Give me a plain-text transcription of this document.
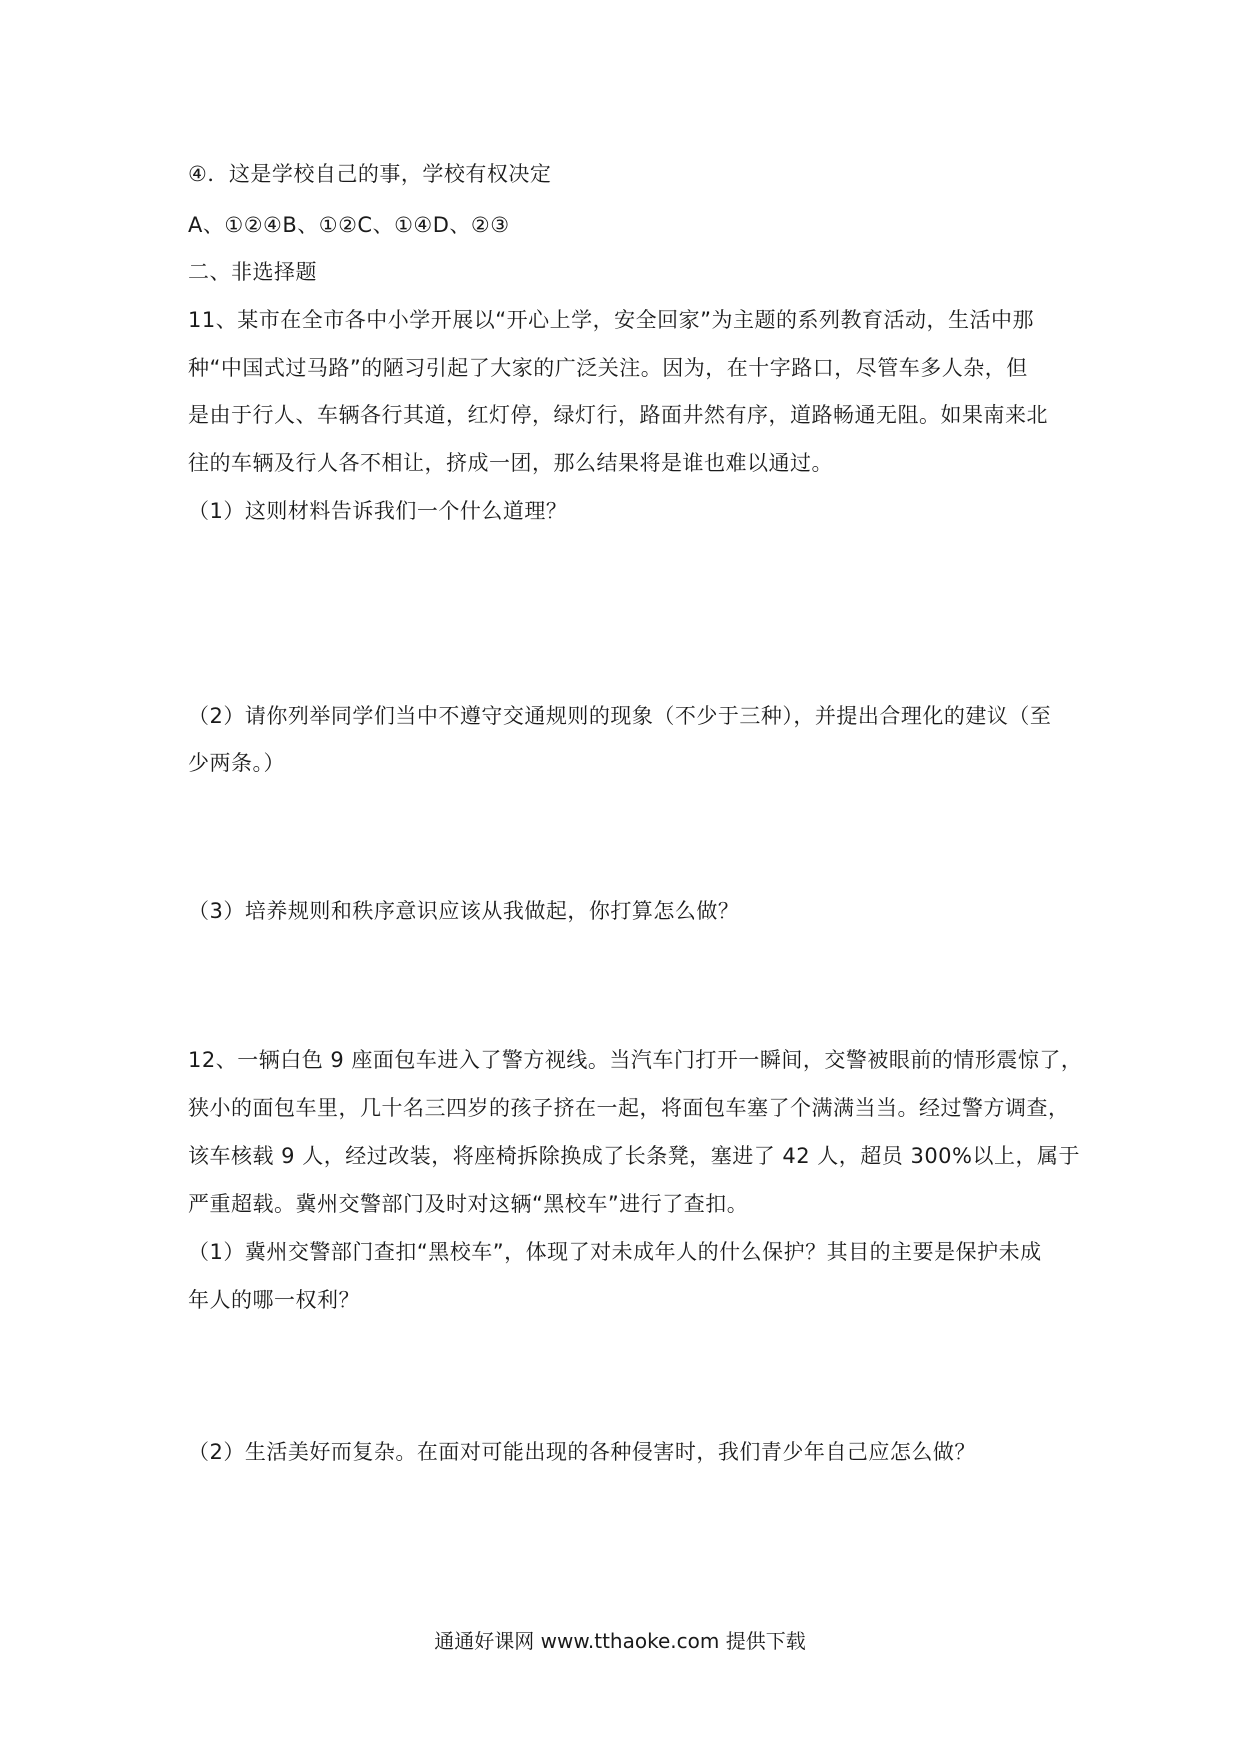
④．这是学校自己的事，学校有权决定
A、①②④B、①②C、①④D、②③
二、非选择题
11、某市在全市各中小学开展以“开心上学，安全回家”为主题的系列教育活动，生活中那
种“中国式过马路”的陋习引起了大家的广泛关注。因为，在十字路口，尽管车多人杂，但
是由于行人、车辆各行其道，红灯停，绿灯行，路面井然有序，道路畅通无阻。如果南来北
往的车辆及行人各不相让，挤成一团，那么结果将是谁也难以通过。
（1）这则材料告诉我们一个什么道理？
（2）请你列举同学们当中不遵守交通规则的现象（不少于三种），并提出合理化的建议（至
少两条。）
（3）培养规则和秩序意识应该从我做起，你打算怎么做？
12、一辆白色 9 座面包车进入了警方视线。当汽车门打开一瞬间，交警被眼前的情形震惊了，
狭小的面包车里，几十名三四岁的孩子挤在一起，将面包车塞了个满满当当。经过警方调查，
该车核载 9 人，经过改装，将座椅拆除换成了长条凳，塞进了 42 人，超员 300%以上，属于
严重超载。冀州交警部门及时对这辆“黑校车”进行了查扣。
（1）冀州交警部门查扣“黑校车”，体现了对未成年人的什么保护？其目的主要是保护未成
年人的哪一权利？
（2）生活美好而复杂。在面对可能出现的各种侵害时，我们青少年自己应怎么做？
通通好课网 www.tthaoke.com 提供下载
